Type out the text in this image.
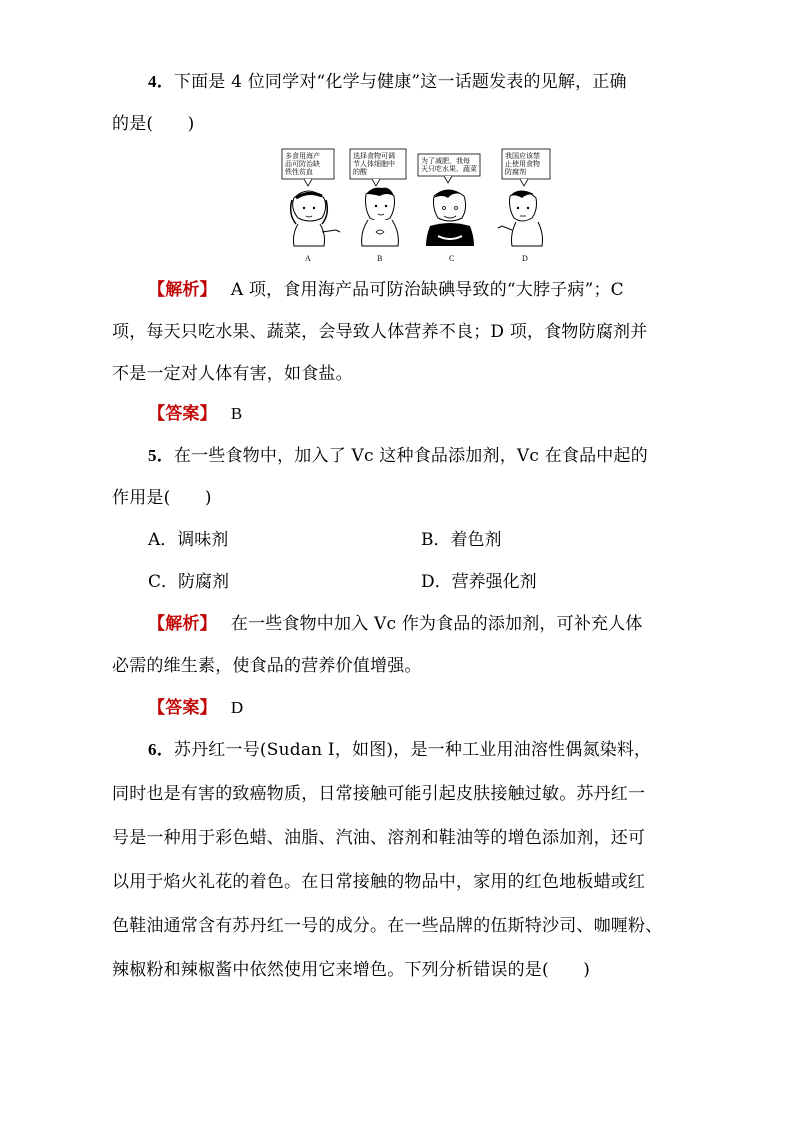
4．下面是 4 位同学对“化学与健康”这一话题发表的见解，正确
的是(　　)
多食用海产
品可防治缺
铁性贫血
选择食物可调
节人体细胞中
的酸
为了减肥，我每
天只吃水果、蔬菜
我国应该禁
止使用食物
防腐剂
A	B	C	D
【解析】 A 项，食用海产品可防治缺碘导致的“大脖子病”；C
项，每天只吃水果、蔬菜，会导致人体营养不良；D 项，食物防腐剂并
不是一定对人体有害，如食盐。
【答案】 B
5．在一些食物中，加入了 Vc 这种食品添加剂，Vc 在食品中起的
作用是(　　)
A．调味剂	B．着色剂
C．防腐剂	D．营养强化剂
【解析】 在一些食物中加入 Vc 作为食品的添加剂，可补充人体
必需的维生素，使食品的营养价值增强。
【答案】 D
6．苏丹红一号(Sudan Ⅰ，如图)，是一种工业用油溶性偶氮染料，
同时也是有害的致癌物质，日常接触可能引起皮肤接触过敏。苏丹红一
号是一种用于彩色蜡、油脂、汽油、溶剂和鞋油等的增色添加剂，还可
以用于焰火礼花的着色。在日常接触的物品中，家用的红色地板蜡或红
色鞋油通常含有苏丹红一号的成分。在一些品牌的伍斯特沙司、咖喱粉、
辣椒粉和辣椒酱中依然使用它来增色。下列分析错误的是(　　)
